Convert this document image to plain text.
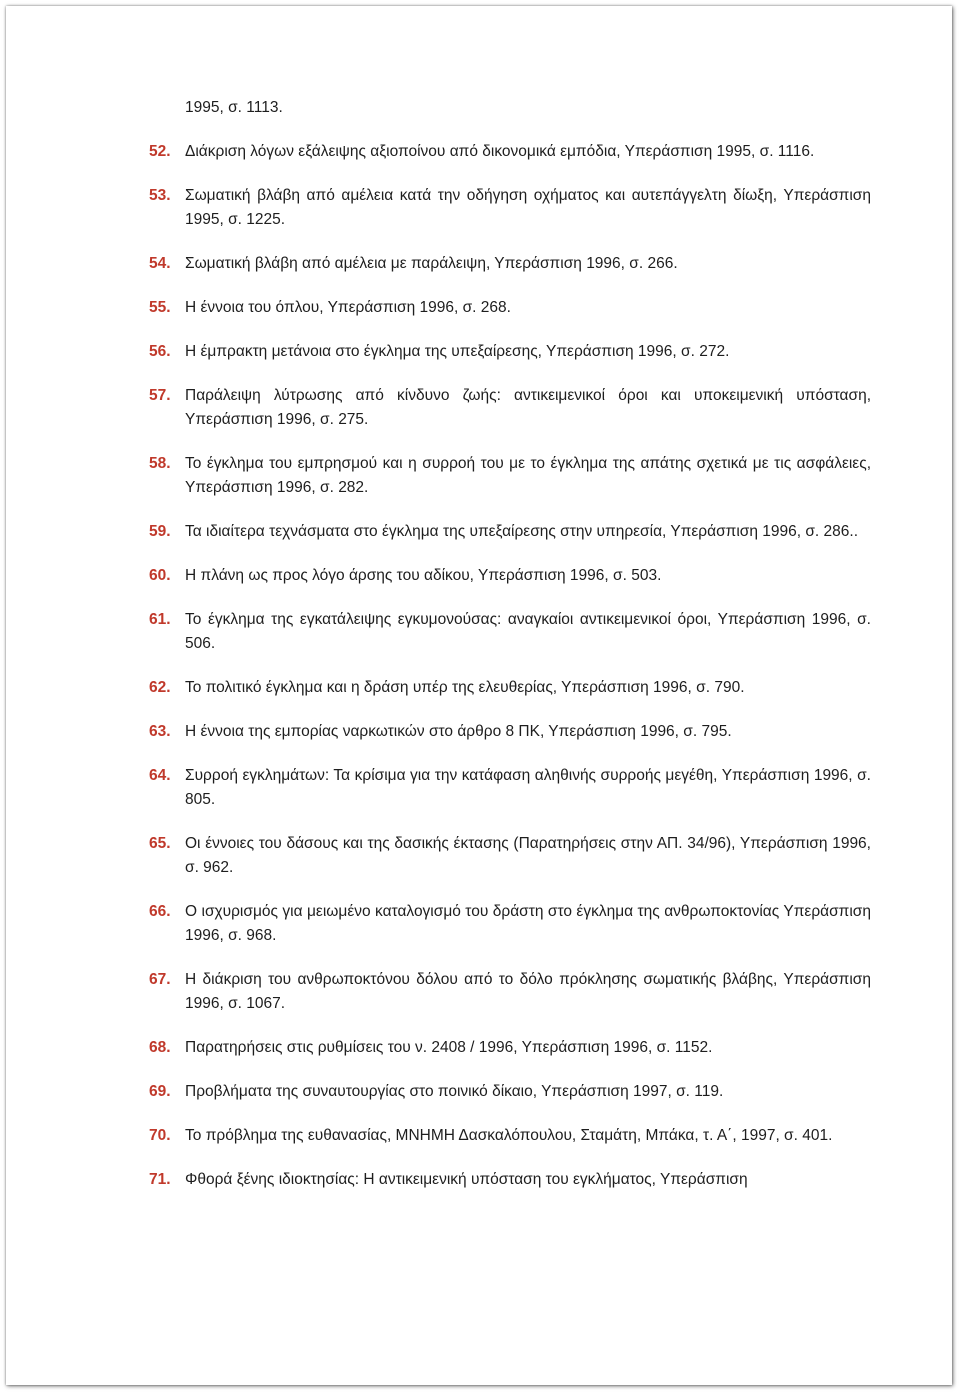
1995, σ. 1113.
52. Διάκριση λόγων εξάλειψης αξιοποίνου από δικονομικά εμπόδια, Υπεράσπιση 1995, σ. 1116.
53. Σωματική βλάβη από αμέλεια κατά την οδήγηση οχήματος και αυτεπάγγελτη δίωξη, Υπεράσπιση 1995, σ. 1225.
54. Σωματική βλάβη από αμέλεια με παράλειψη, Υπεράσπιση 1996, σ. 266.
55. Η έννοια του όπλου, Υπεράσπιση 1996, σ. 268.
56. Η έμπρακτη μετάνοια στο έγκλημα της υπεξαίρεσης, Υπεράσπιση 1996, σ. 272.
57. Παράλειψη λύτρωσης από κίνδυνο ζωής: αντικειμενικοί όροι και υποκειμενική υπόσταση, Υπεράσπιση 1996, σ. 275.
58. Το έγκλημα του εμπρησμού και η συρροή του με το έγκλημα της απάτης σχετικά με τις ασφάλειες, Υπεράσπιση 1996, σ. 282.
59. Τα ιδιαίτερα τεχνάσματα στο έγκλημα της υπεξαίρεσης στην υπηρεσία, Υπεράσπιση 1996, σ. 286..
60. Η πλάνη ως προς λόγο άρσης του αδίκου, Υπεράσπιση 1996, σ. 503.
61. Το έγκλημα της εγκατάλειψης εγκυμονούσας: αναγκαίοι αντικειμενικοί όροι, Υπεράσπιση 1996, σ. 506.
62. Το πολιτικό έγκλημα και η δράση υπέρ της ελευθερίας, Υπεράσπιση 1996, σ. 790.
63. Η έννοια της εμπορίας ναρκωτικών στο άρθρο 8 ΠΚ, Υπεράσπιση 1996, σ. 795.
64. Συρροή εγκλημάτων: Τα κρίσιμα για την κατάφαση αληθινής συρροής μεγέθη, Υπεράσπιση 1996, σ. 805.
65. Οι έννοιες του δάσους και της δασικής έκτασης (Παρατηρήσεις στην ΑΠ. 34/96), Υπεράσπιση 1996, σ. 962.
66. Ο ισχυρισμός για μειωμένο καταλογισμό του δράστη στο έγκλημα της ανθρωποκτονίας Υπεράσπιση 1996, σ. 968.
67. Η διάκριση του ανθρωποκτόνου δόλου από το δόλο πρόκλησης σωματικής βλάβης, Υπεράσπιση 1996, σ. 1067.
68. Παρατηρήσεις στις ρυθμίσεις του ν. 2408 / 1996, Υπεράσπιση 1996, σ. 1152.
69. Προβλήματα της συναυτουργίας στο ποινικό δίκαιο, Υπεράσπιση 1997, σ. 119.
70. Το πρόβλημα της ευθανασίας, ΜΝΗΜΗ Δασκαλόπουλου, Σταμάτη, Μπάκα, τ. Α΄, 1997, σ. 401.
71. Φθορά ξένης ιδιοκτησίας: Η αντικειμενική υπόσταση του εγκλήματος, Υπεράσπιση
